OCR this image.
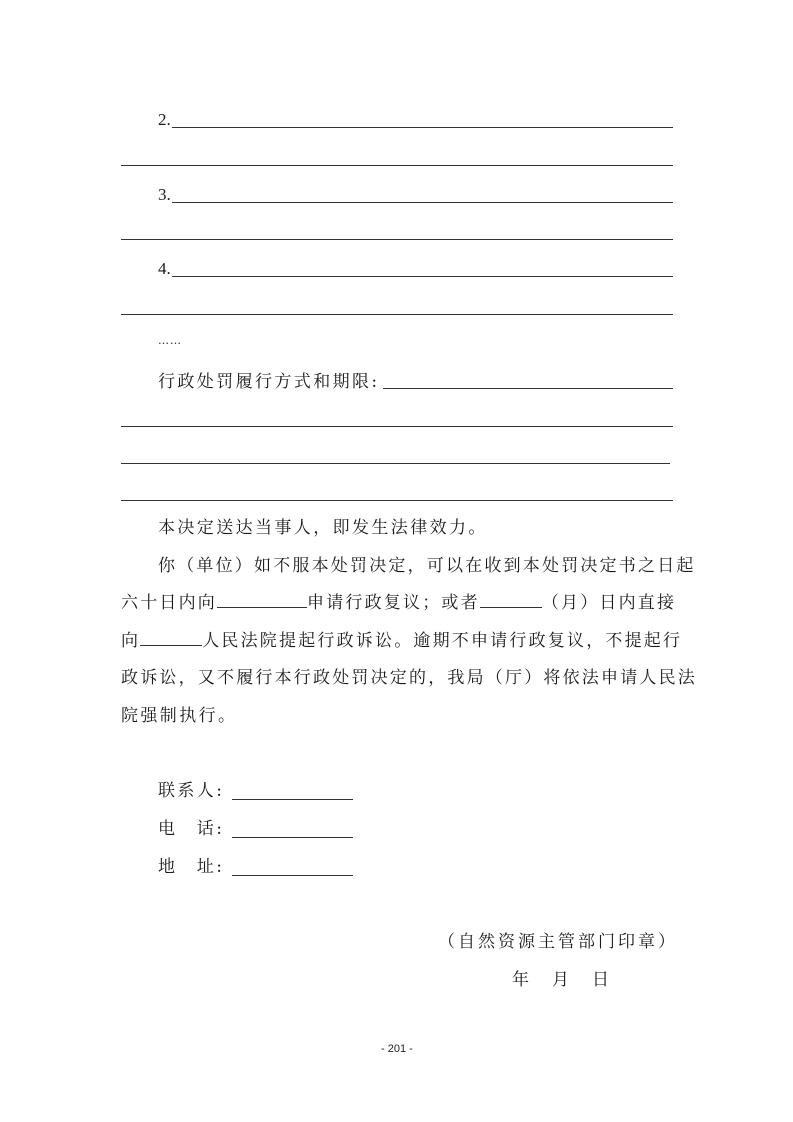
2.
3.
4.
……
行政处罚履行方式和期限:
本决定送达当事人，即发生法律效力。
你（单位）如不服本处罚决定，可以在收到本处罚决定书之日起
六十日内向	申请行政复议；或者	（月）日内直接
向	人民法院提起行政诉讼。逾期不申请行政复议，不提起行
政诉讼，又不履行本行政处罚决定的，我局（厅）将依法申请人民法
院强制执行。
联系人:
电　话:
地　址:
（自然资源主管部门印章）
年　月　日
- 201 -
